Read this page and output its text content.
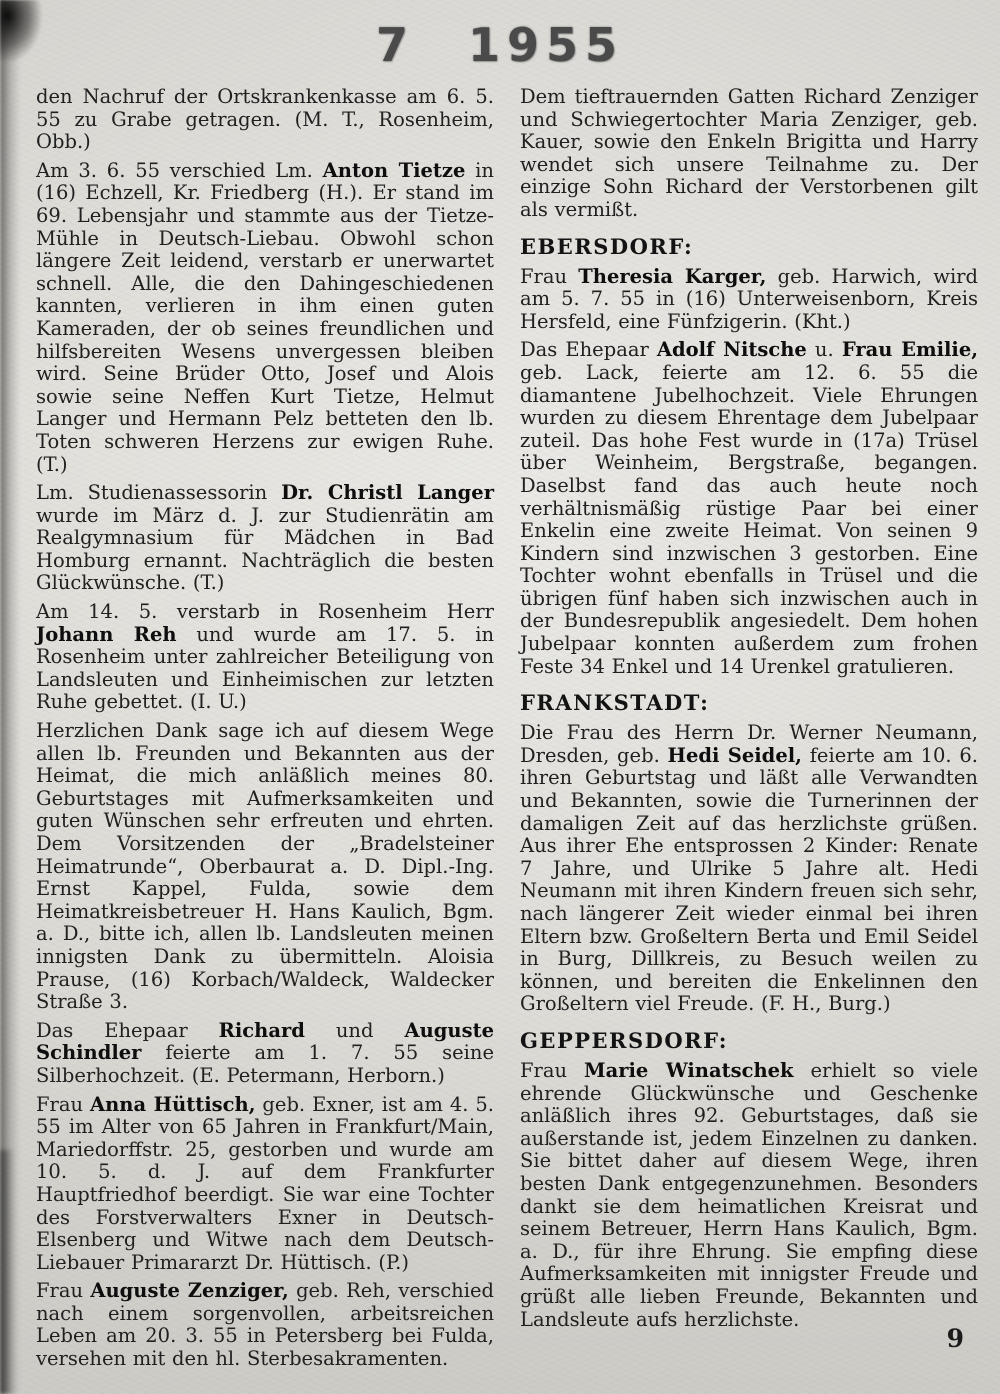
7 1955

den Nachruf der Ortskrankenkasse am 6. 5. 55 zu Grabe getragen. (M. T., Rosenheim, Obb.)

Am 3. 6. 55 verschied Lm. Anton Tietze in (16) Echzell, Kr. Friedberg (H.). Er stand im 69. Lebensjahr und stammte aus der Tietze-Mühle in Deutsch-Liebau. Obwohl schon längere Zeit leidend, verstarb er unerwartet schnell. Alle, die den Dahingeschiedenen kannten, verlieren in ihm einen guten Kameraden, der ob seines freundlichen und hilfsbereiten Wesens unvergessen bleiben wird. Seine Brüder Otto, Josef und Alois sowie seine Neffen Kurt Tietze, Helmut Langer und Hermann Pelz betteten den lb. Toten schweren Herzens zur ewigen Ruhe. (T.)

Lm. Studienassessorin Dr. Christl Langer wurde im März d. J. zur Studienrätin am Realgymnasium für Mädchen in Bad Homburg ernannt. Nachträglich die besten Glückwünsche. (T.)

Am 14. 5. verstarb in Rosenheim Herr Johann Reh und wurde am 17. 5. in Rosenheim unter zahlreicher Beteiligung von Landsleuten und Einheimischen zur letzten Ruhe gebettet. (I. U.)

Herzlichen Dank sage ich auf diesem Wege allen lb. Freunden und Bekannten aus der Heimat, die mich anläßlich meines 80. Geburtstages mit Aufmerksamkeiten und guten Wünschen sehr erfreuten und ehrten. Dem Vorsitzenden der „Bradelsteiner Heimatrunde“, Oberbaurat a. D. Dipl.-Ing. Ernst Kappel, Fulda, sowie dem Heimatkreisbetreuer H. Hans Kaulich, Bgm. a. D., bitte ich, allen lb. Landsleuten meinen innigsten Dank zu übermitteln. Aloisia Prause, (16) Korbach/Waldeck, Waldecker Straße 3.

Das Ehepaar Richard und Auguste Schindler feierte am 1. 7. 55 seine Silberhochzeit. (E. Petermann, Herborn.)

Frau Anna Hüttisch, geb. Exner, ist am 4. 5. 55 im Alter von 65 Jahren in Frankfurt/Main, Mariedorffstr. 25, gestorben und wurde am 10. 5. d. J. auf dem Frankfurter Hauptfriedhof beerdigt. Sie war eine Tochter des Forstverwalters Exner in Deutsch-Elsenberg und Witwe nach dem Deutsch-Liebauer Primararzt Dr. Hüttisch. (P.)

Frau Auguste Zenziger, geb. Reh, verschied nach einem sorgenvollen, arbeitsreichen Leben am 20. 3. 55 in Petersberg bei Fulda, versehen mit den hl. Sterbesakramenten.

Dem tieftrauernden Gatten Richard Zenziger und Schwiegertochter Maria Zenziger, geb. Kauer, sowie den Enkeln Brigitta und Harry wendet sich unsere Teilnahme zu. Der einzige Sohn Richard der Verstorbenen gilt als vermißt.

EBERSDORF:

Frau Theresia Karger, geb. Harwich, wird am 5. 7. 55 in (16) Unterweisenborn, Kreis Hersfeld, eine Fünfzigerin. (Kht.)

Das Ehepaar Adolf Nitsche u. Frau Emilie, geb. Lack, feierte am 12. 6. 55 die diamantene Jubelhochzeit. Viele Ehrungen wurden zu diesem Ehrentage dem Jubelpaar zuteil. Das hohe Fest wurde in (17a) Trüsel über Weinheim, Bergstraße, begangen. Daselbst fand das auch heute noch verhältnismäßig rüstige Paar bei einer Enkelin eine zweite Heimat. Von seinen 9 Kindern sind inzwischen 3 gestorben. Eine Tochter wohnt ebenfalls in Trüsel und die übrigen fünf haben sich inzwischen auch in der Bundesrepublik angesiedelt. Dem hohen Jubelpaar konnten außerdem zum frohen Feste 34 Enkel und 14 Urenkel gratulieren.

FRANKSTADT:

Die Frau des Herrn Dr. Werner Neumann, Dresden, geb. Hedi Seidel, feierte am 10. 6. ihren Geburtstag und läßt alle Verwandten und Bekannten, sowie die Turnerinnen der damaligen Zeit auf das herzlichste grüßen. Aus ihrer Ehe entsprossen 2 Kinder: Renate 7 Jahre, und Ulrike 5 Jahre alt. Hedi Neumann mit ihren Kindern freuen sich sehr, nach längerer Zeit wieder einmal bei ihren Eltern bzw. Großeltern Berta und Emil Seidel in Burg, Dillkreis, zu Besuch weilen zu können, und bereiten die Enkelinnen den Großeltern viel Freude. (F. H., Burg.)

GEPPERSDORF:

Frau Marie Winatschek erhielt so viele ehrende Glückwünsche und Geschenke anläßlich ihres 92. Geburtstages, daß sie außerstande ist, jedem Einzelnen zu danken. Sie bittet daher auf diesem Wege, ihren besten Dank entgegenzunehmen. Besonders dankt sie dem heimatlichen Kreisrat und seinem Betreuer, Herrn Hans Kaulich, Bgm. a. D., für ihre Ehrung. Sie empfing diese Aufmerksamkeiten mit innigster Freude und grüßt alle lieben Freunde, Bekannten und Landsleute aufs herzlichste.

9
